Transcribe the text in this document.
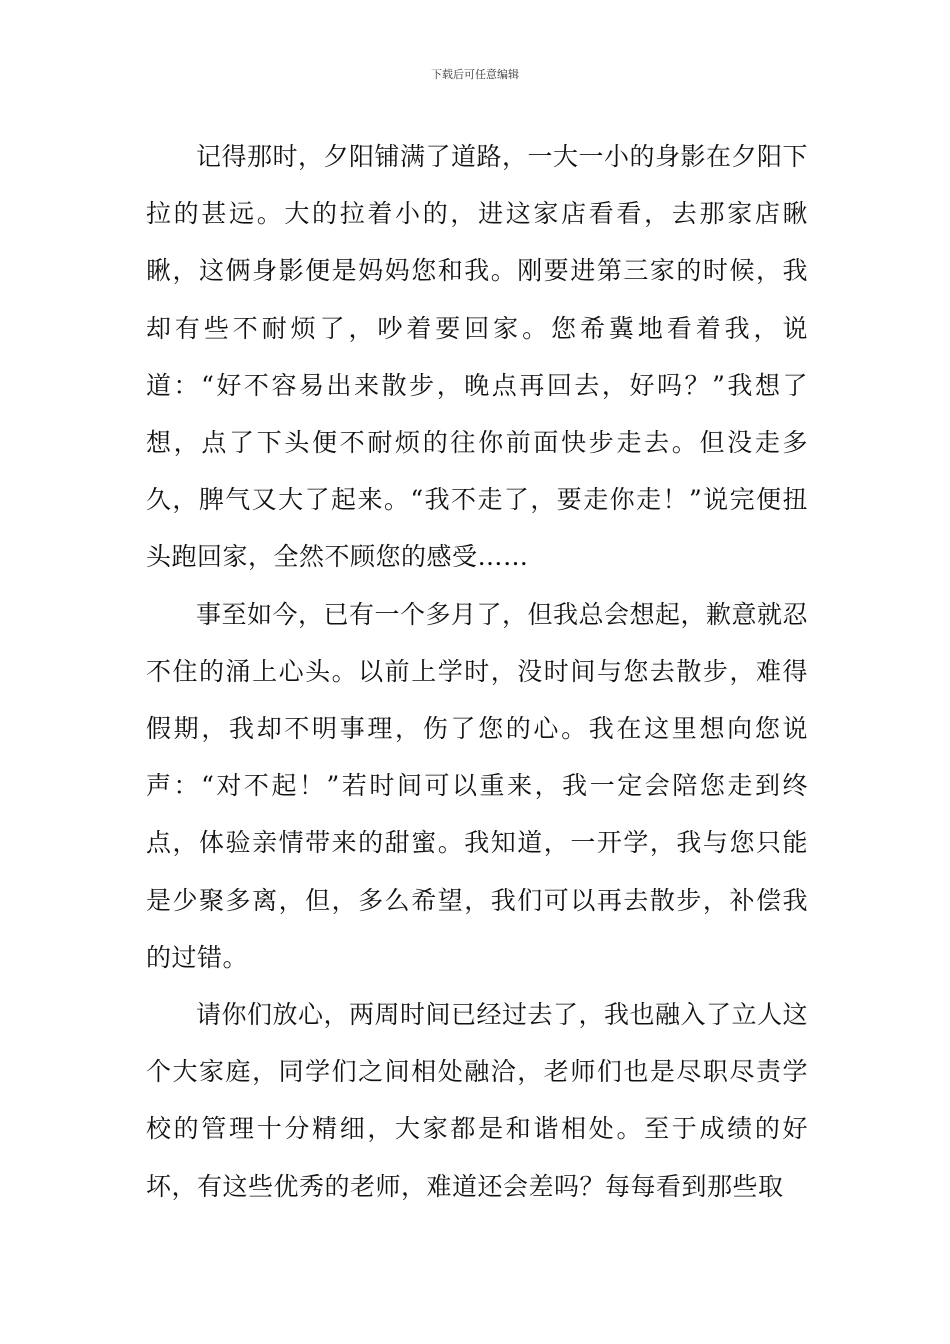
下载后可任意编辑

记得那时，夕阳铺满了道路，一大一小的身影在夕阳下拉的甚远。大的拉着小的，进这家店看看，去那家店瞅瞅，这俩身影便是妈妈您和我。刚要进第三家的时候，我却有些不耐烦了，吵着要回家。您希冀地看着我，说道：“好不容易出来散步，晚点再回去，好吗？”我想了想，点了下头便不耐烦的往你前面快步走去。但没走多久，脾气又大了起来。“我不走了，要走你走！”说完便扭头跑回家，全然不顾您的感受……

事至如今，已有一个多月了，但我总会想起，歉意就忍不住的涌上心头。以前上学时，没时间与您去散步，难得假期，我却不明事理，伤了您的心。我在这里想向您说声：“对不起！”若时间可以重来，我一定会陪您走到终点，体验亲情带来的甜蜜。我知道，一开学，我与您只能是少聚多离，但，多么希望，我们可以再去散步，补偿我的过错。

请你们放心，两周时间已经过去了，我也融入了立人这个大家庭，同学们之间相处融洽，老师们也是尽职尽责学校的管理十分精细，大家都是和谐相处。至于成绩的好坏，有这些优秀的老师，难道还会差吗？每每看到那些取
